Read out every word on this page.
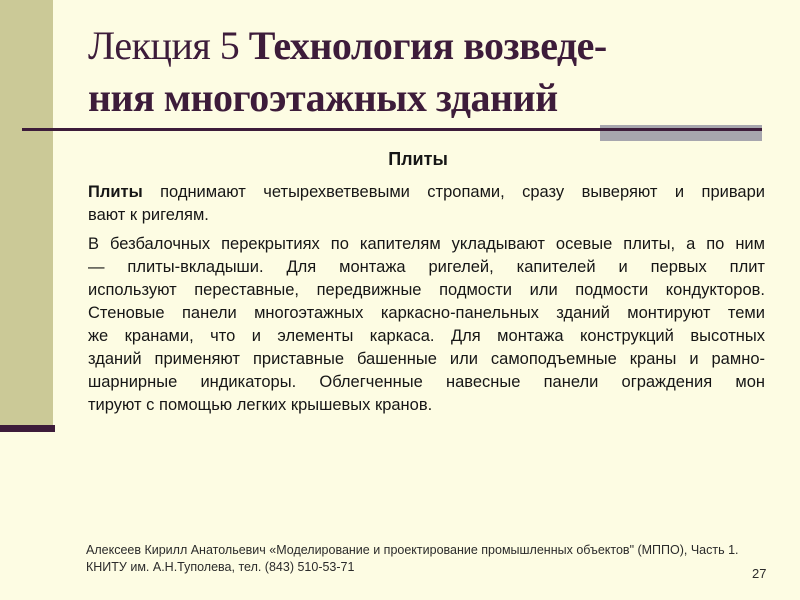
Лекция 5 Технология возведе-
ния многоэтажных зданий
Плиты
Плиты поднимают четырехветвевыми стропами, сразу выверяют и привари
вают к ригелям.
В безбалочных перекрытиях по капителям укладывают осевые плиты, а по ним
— плиты-вкладыши. Для монтажа ригелей, капителей и первых плит
используют переставные, передвижные подмости или подмости кондукторов.
Стеновые панели многоэтажных каркасно-панельных зданий монтируют теми
же кранами, что и элементы каркаса. Для монтажа конструкций высотных
зданий применяют приставные башенные или самоподъемные краны и рамно-
шарнирные индикаторы. Облегченные навесные панели ограждения мон
тируют с помощью легких крышевых кранов.
Алексеев Кирилл Анатольевич «Моделирование и проектирование промышленных объектов" (МППО), Часть 1.
КНИТУ им. А.Н.Туполева, тел. (843) 510-53-71	27
